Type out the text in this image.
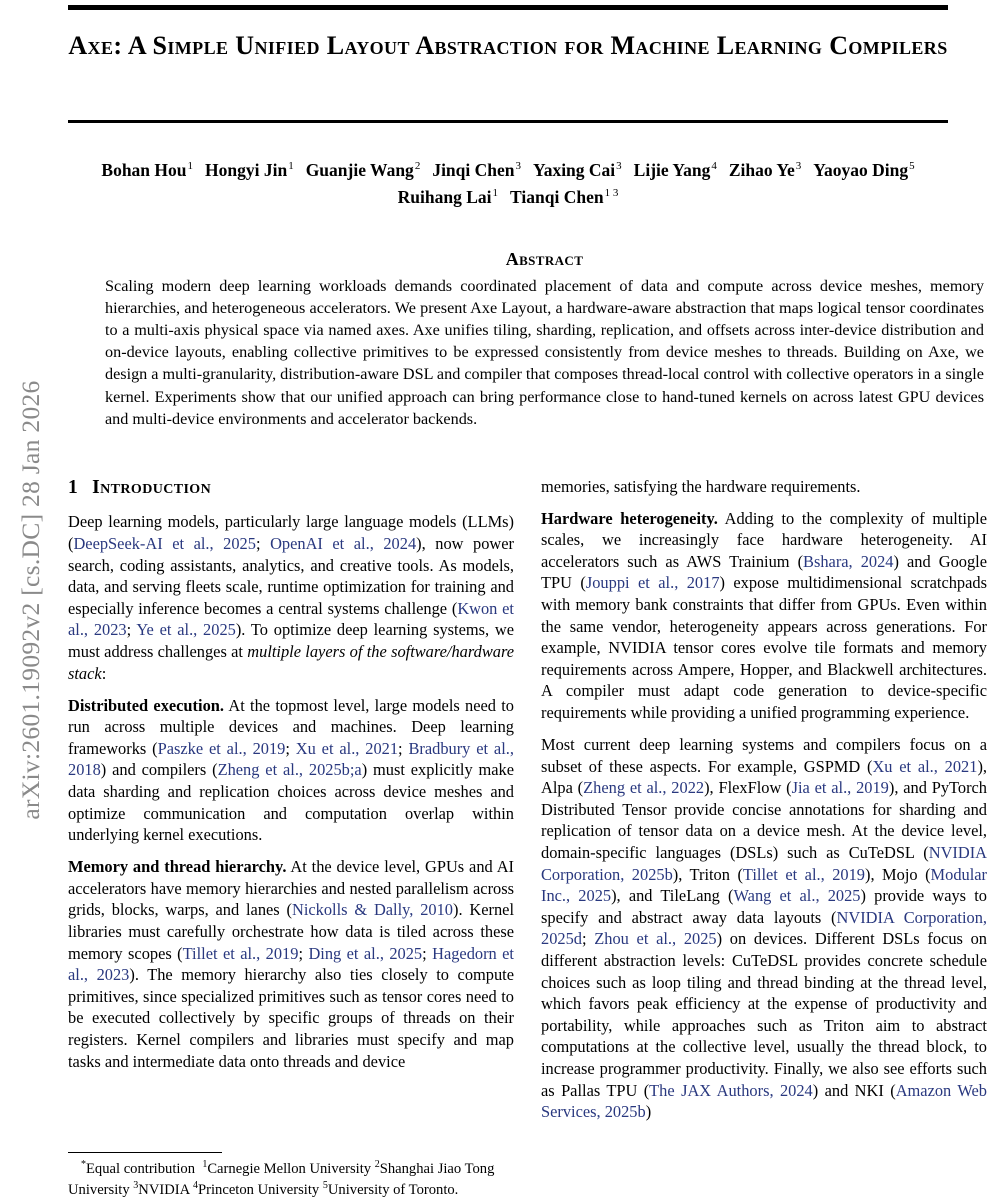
arXiv:2601.19092v2 [cs.DC] 28 Jan 2026
Axe: A Simple Unified Layout Abstraction for Machine Learning Compilers
Bohan Hou$^1$ Hongyi Jin$^1$ Guanjie Wang$^2$ Jinqi Chen$^3$ Yaxing Cai$^3$ Lijie Yang$^4$ Zihao Ye$^3$ Yaoyao Ding$^5$
Ruihang Lai$^1$ Tianqi Chen$^{1 3}$
Abstract

Scaling modern deep learning workloads demands coordinated placement of data and compute across device meshes, memory hierarchies, and heterogeneous accelerators. We present Axe Layout, a hardware-aware abstraction that maps logical tensor coordinates to a multi-axis physical space via named axes. Axe unifies tiling, sharding, replication, and offsets across inter-device distribution and on-device layouts, enabling collective primitives to be expressed consistently from device meshes to threads. Building on Axe, we design a multi-granularity, distribution-aware DSL and compiler that composes thread-local control with collective operators in a single kernel. Experiments show that our unified approach can bring performance close to hand-tuned kernels on across latest GPU devices and multi-device environments and accelerator backends.

1 Introduction

Deep learning models, particularly large language models (LLMs) (DeepSeek-AI et al., 2025; OpenAI et al., 2024), now power search, coding assistants, analytics, and creative tools. As models, data, and serving fleets scale, runtime optimization for training and especially inference becomes a central systems challenge (Kwon et al., 2023; Ye et al., 2025). To optimize deep learning systems, we must address challenges at multiple layers of the software/hardware stack:

Distributed execution. At the topmost level, large models need to run across multiple devices and machines. Deep learning frameworks (Paszke et al., 2019; Xu et al., 2021; Bradbury et al., 2018) and compilers (Zheng et al., 2025b;a) must explicitly make data sharding and replication choices across device meshes and optimize communication and computation overlap within underlying kernel executions.

Memory and thread hierarchy. At the device level, GPUs and AI accelerators have memory hierarchies and nested parallelism across grids, blocks, warps, and lanes (Nickolls & Dally, 2010). Kernel libraries must carefully orchestrate how data is tiled across these memory scopes (Tillet et al., 2019; Ding et al., 2025; Hagedorn et al., 2023). The memory hierarchy also ties closely to compute primitives, since specialized primitives such as tensor cores need to be executed collectively by specific groups of threads on their registers. Kernel compilers and libraries must specify and map tasks and intermediate data onto threads and device

*Equal contribution $^1$Carnegie Mellon University $^2$Shanghai Jiao Tong University $^3$NVIDIA $^4$Princeton University $^5$University of Toronto.

memories, satisfying the hardware requirements.

Hardware heterogeneity. Adding to the complexity of multiple scales, we increasingly face hardware heterogeneity. AI accelerators such as AWS Trainium (Bshara, 2024) and Google TPU (Jouppi et al., 2017) expose multidimensional scratchpads with memory bank constraints that differ from GPUs. Even within the same vendor, heterogeneity appears across generations. For example, NVIDIA tensor cores evolve tile formats and memory requirements across Ampere, Hopper, and Blackwell architectures. A compiler must adapt code generation to device-specific requirements while providing a unified programming experience.

Most current deep learning systems and compilers focus on a subset of these aspects. For example, GSPMD (Xu et al., 2021), Alpa (Zheng et al., 2022), FlexFlow (Jia et al., 2019), and PyTorch Distributed Tensor provide concise annotations for sharding and replication of tensor data on a device mesh. At the device level, domain-specific languages (DSLs) such as CuTeDSL (NVIDIA Corporation, 2025b), Triton (Tillet et al., 2019), Mojo (Modular Inc., 2025), and TileLang (Wang et al., 2025) provide ways to specify and abstract away data layouts (NVIDIA Corporation, 2025d; Zhou et al., 2025) on devices. Different DSLs focus on different abstraction levels: CuTeDSL provides concrete schedule choices such as loop tiling and thread binding at the thread level, which favors peak efficiency at the expense of productivity and portability, while approaches such as Triton aim to abstract computations at the collective level, usually the thread block, to increase programmer productivity. Finally, we also see efforts such as Pallas TPU (The JAX Authors, 2024) and NKI (Amazon Web Services, 2025b)
